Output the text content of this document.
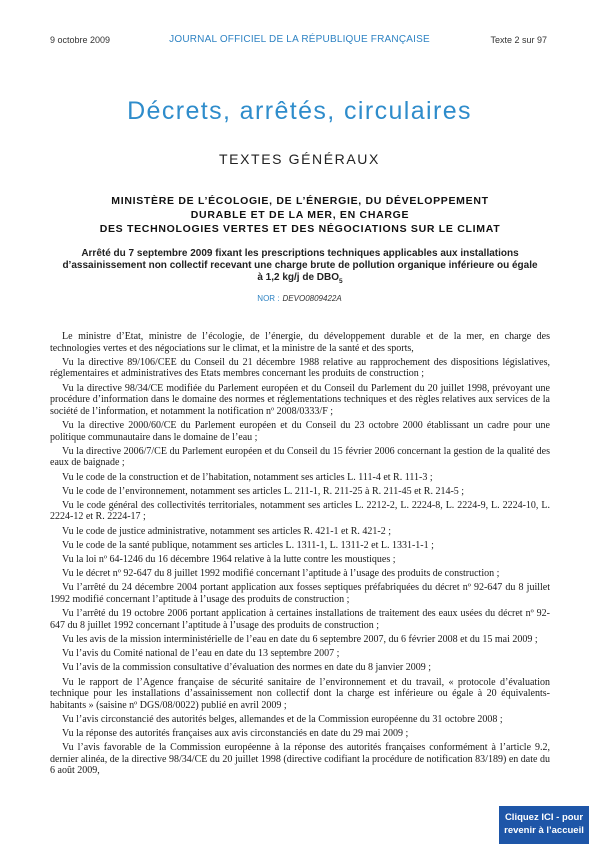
9 octobre 2009	JOURNAL OFFICIEL DE LA RÉPUBLIQUE FRANÇAISE	Texte 2 sur 97
Décrets, arrêtés, circulaires
TEXTES GÉNÉRAUX
MINISTÈRE DE L’ÉCOLOGIE, DE L’ÉNERGIE, DU DÉVELOPPEMENT
DURABLE ET DE LA MER, EN CHARGE
DES TECHNOLOGIES VERTES ET DES NÉGOCIATIONS SUR LE CLIMAT
Arrêté du 7 septembre 2009 fixant les prescriptions techniques applicables aux installations d’assainissement non collectif recevant une charge brute de pollution organique inférieure ou égale à 1,2 kg/j de $DBO_5$
NOR : DEVO0809422A

Le ministre d’Etat, ministre de l’écologie, de l’énergie, du développement durable et de la mer, en charge des technologies vertes et des négociations sur le climat, et la ministre de la santé et des sports,

Vu la directive 89/106/CEE du Conseil du 21 décembre 1988 relative au rapprochement des dispositions législatives, réglementaires et administratives des Etats membres concernant les produits de construction ;

Vu la directive 98/34/CE modifiée du Parlement européen et du Conseil du Parlement du 20 juillet 1998, prévoyant une procédure d’information dans le domaine des normes et réglementations techniques et des règles relatives aux services de la société de l’information, et notamment la notification nº 2008/0333/F ;

Vu la directive 2000/60/CE du Parlement européen et du Conseil du 23 octobre 2000 établissant un cadre pour une politique communautaire dans le domaine de l’eau ;

Vu la directive 2006/7/CE du Parlement européen et du Conseil du 15 février 2006 concernant la gestion de la qualité des eaux de baignade ;

Vu le code de la construction et de l’habitation, notamment ses articles L. 111-4 et R. 111-3 ;

Vu le code de l’environnement, notamment ses articles L. 211-1, R. 211-25 à R. 211-45 et R. 214-5 ;

Vu le code général des collectivités territoriales, notamment ses articles L. 2212-2, L. 2224-8, L. 2224-9, L. 2224-10, L. 2224-12 et R. 2224-17 ;

Vu le code de justice administrative, notamment ses articles R. 421-1 et R. 421-2 ;

Vu le code de la santé publique, notamment ses articles L. 1311-1, L. 1311-2 et L. 1331-1-1 ;

Vu la loi nº 64-1246 du 16 décembre 1964 relative à la lutte contre les moustiques ;

Vu le décret nº 92-647 du 8 juillet 1992 modifié concernant l’aptitude à l’usage des produits de construction ;

Vu l’arrêté du 24 décembre 2004 portant application aux fosses septiques préfabriquées du décret nº 92-647 du 8 juillet 1992 modifié concernant l’aptitude à l’usage des produits de construction ;

Vu l’arrêté du 19 octobre 2006 portant application à certaines installations de traitement des eaux usées du décret nº 92-647 du 8 juillet 1992 concernant l’aptitude à l’usage des produits de construction ;

Vu les avis de la mission interministérielle de l’eau en date du 6 septembre 2007, du 6 février 2008 et du 15 mai 2009 ;

Vu l’avis du Comité national de l’eau en date du 13 septembre 2007 ;

Vu l’avis de la commission consultative d’évaluation des normes en date du 8 janvier 2009 ;

Vu le rapport de l’Agence française de sécurité sanitaire de l’environnement et du travail, « protocole d’évaluation technique pour les installations d’assainissement non collectif dont la charge est inférieure ou égale à 20 équivalents-habitants » (saisine nº DGS/08/0022) publié en avril 2009 ;

Vu l’avis circonstancié des autorités belges, allemandes et de la Commission européenne du 31 octobre 2008 ;

Vu la réponse des autorités françaises aux avis circonstanciés en date du 29 mai 2009 ;

Vu l’avis favorable de la Commission européenne à la réponse des autorités françaises conformément à l’article 9.2, dernier alinéa, de la directive 98/34/CE du 20 juillet 1998 (directive codifiant la procédure de notification 83/189) en date du 6 août 2009,

Cliquez ICI - pour
revenir à l’accueil
